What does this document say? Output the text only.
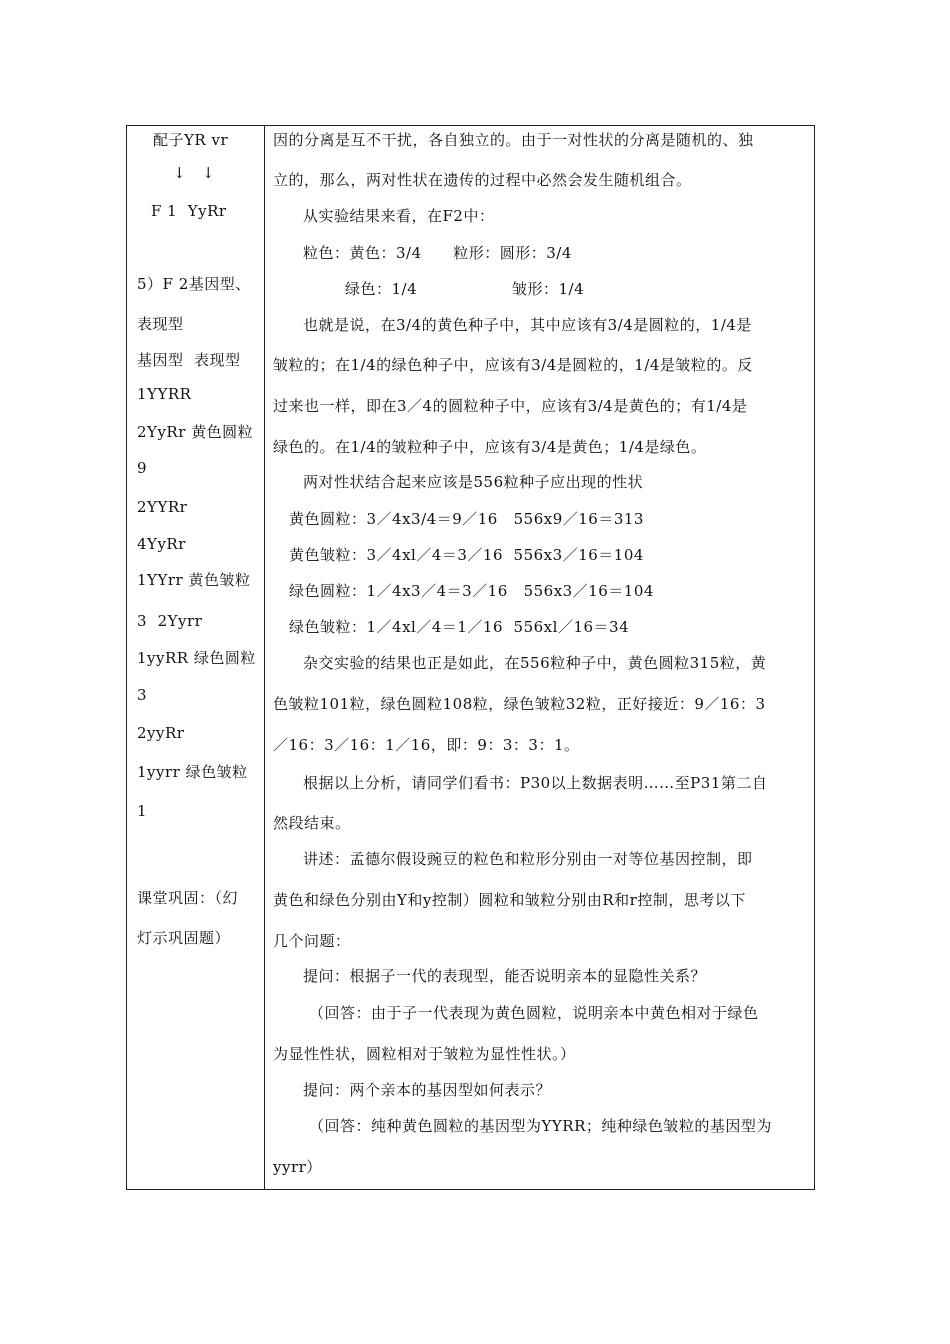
配子YR vr
↓   ↓
F 1  YyRr
5）F 2基因型、
表现型
基因型  表现型
1YYRR
2YyRr 黄色圆粒
9
2YYRr
4YyRr
1YYrr 黄色皱粒
3  2Yyrr
1yyRR 绿色圆粒
3
2yyRr
1yyrr 绿色皱粒
1
课堂巩固：（幻
灯示巩固题）
因的分离是互不干扰，各自独立的。由于一对性状的分离是随机的、独
立的，那么，两对性状在遗传的过程中必然会发生随机组合。
从实验结果来看，在F2中：
粒色：黄色：3/4      粒形：圆形：3/4
绿色：1/4                  皱形：1/4
也就是说，在3/4的黄色种子中，其中应该有3/4是圆粒的，1/4是
皱粒的；在1/4的绿色种子中，应该有3/4是圆粒的，1/4是皱粒的。反
过来也一样，即在3／4的圆粒种子中，应该有3/4是黄色的；有1/4是
绿色的。在1/4的皱粒种子中，应该有3/4是黄色；1/4是绿色。
两对性状结合起来应该是556粒种子应出现的性状
黄色圆粒：3／4x3/4＝9／16   556x9／16＝313
黄色皱粒：3／4xl／4＝3／16  556x3／16＝104
绿色圆粒：1／4x3／4＝3／16   556x3／16＝104
绿色皱粒：1／4xl／4＝1／16  556xl／16＝34
杂交实验的结果也正是如此，在556粒种子中，黄色圆粒315粒，黄
色皱粒101粒，绿色圆粒108粒，绿色皱粒32粒，正好接近：9／16：3
／16：3／16：1／16，即：9：3：3：1。
根据以上分析，请同学们看书：P30以上数据表明……至P31第二自
然段结束。
讲述：孟德尔假设豌豆的粒色和粒形分别由一对等位基因控制，即
黄色和绿色分别由Y和y控制）圆粒和皱粒分别由R和r控制，思考以下
几个问题：
提问：根据子一代的表现型，能否说明亲本的显隐性关系？
（回答：由于子一代表现为黄色圆粒，说明亲本中黄色相对于绿色
为显性性状，圆粒相对于皱粒为显性性状。）
提问：两个亲本的基因型如何表示？
（回答：纯种黄色圆粒的基因型为YYRR；纯种绿色皱粒的基因型为
yyrr）
